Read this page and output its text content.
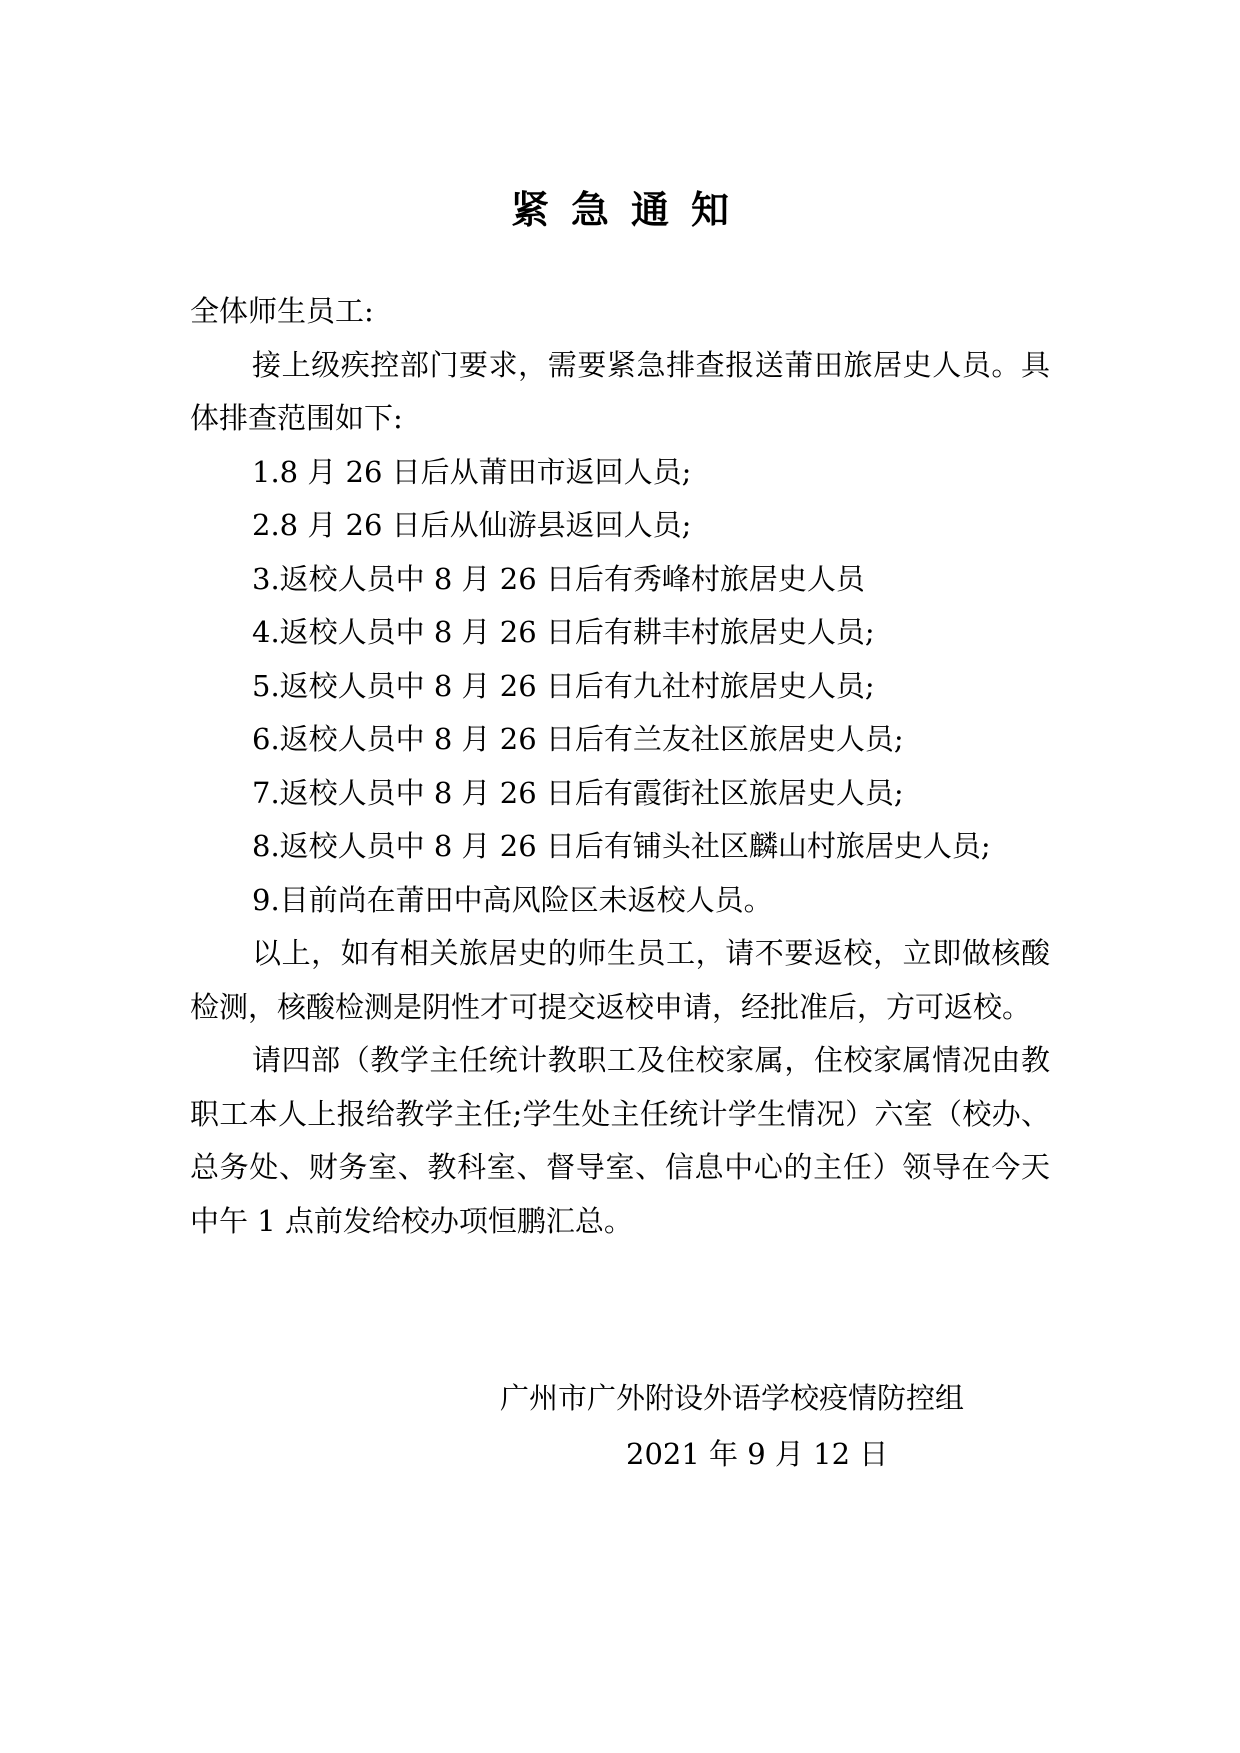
紧急通知

全体师生员工:

接上级疾控部门要求，需要紧急排查报送莆田旅居史人员。具体排查范围如下:

1.8 月 26 日后从莆田市返回人员;

2.8 月 26 日后从仙游县返回人员;

3.返校人员中 8 月 26 日后有秀峰村旅居史人员

4.返校人员中 8 月 26 日后有耕丰村旅居史人员;

5.返校人员中 8 月 26 日后有九社村旅居史人员;

6.返校人员中 8 月 26 日后有兰友社区旅居史人员;

7.返校人员中 8 月 26 日后有霞街社区旅居史人员;

8.返校人员中 8 月 26 日后有铺头社区麟山村旅居史人员;

9.目前尚在莆田中高风险区未返校人员。

以上，如有相关旅居史的师生员工，请不要返校，立即做核酸检测，核酸检测是阴性才可提交返校申请，经批准后，方可返校。

请四部（教学主任统计教职工及住校家属，住校家属情况由教职工本人上报给教学主任;学生处主任统计学生情况）六室（校办、总务处、财务室、教科室、督导室、信息中心的主任）领导在今天中午 1 点前发给校办项恒鹏汇总。

广州市广外附设外语学校疫情防控组
2021 年 9 月 12 日
